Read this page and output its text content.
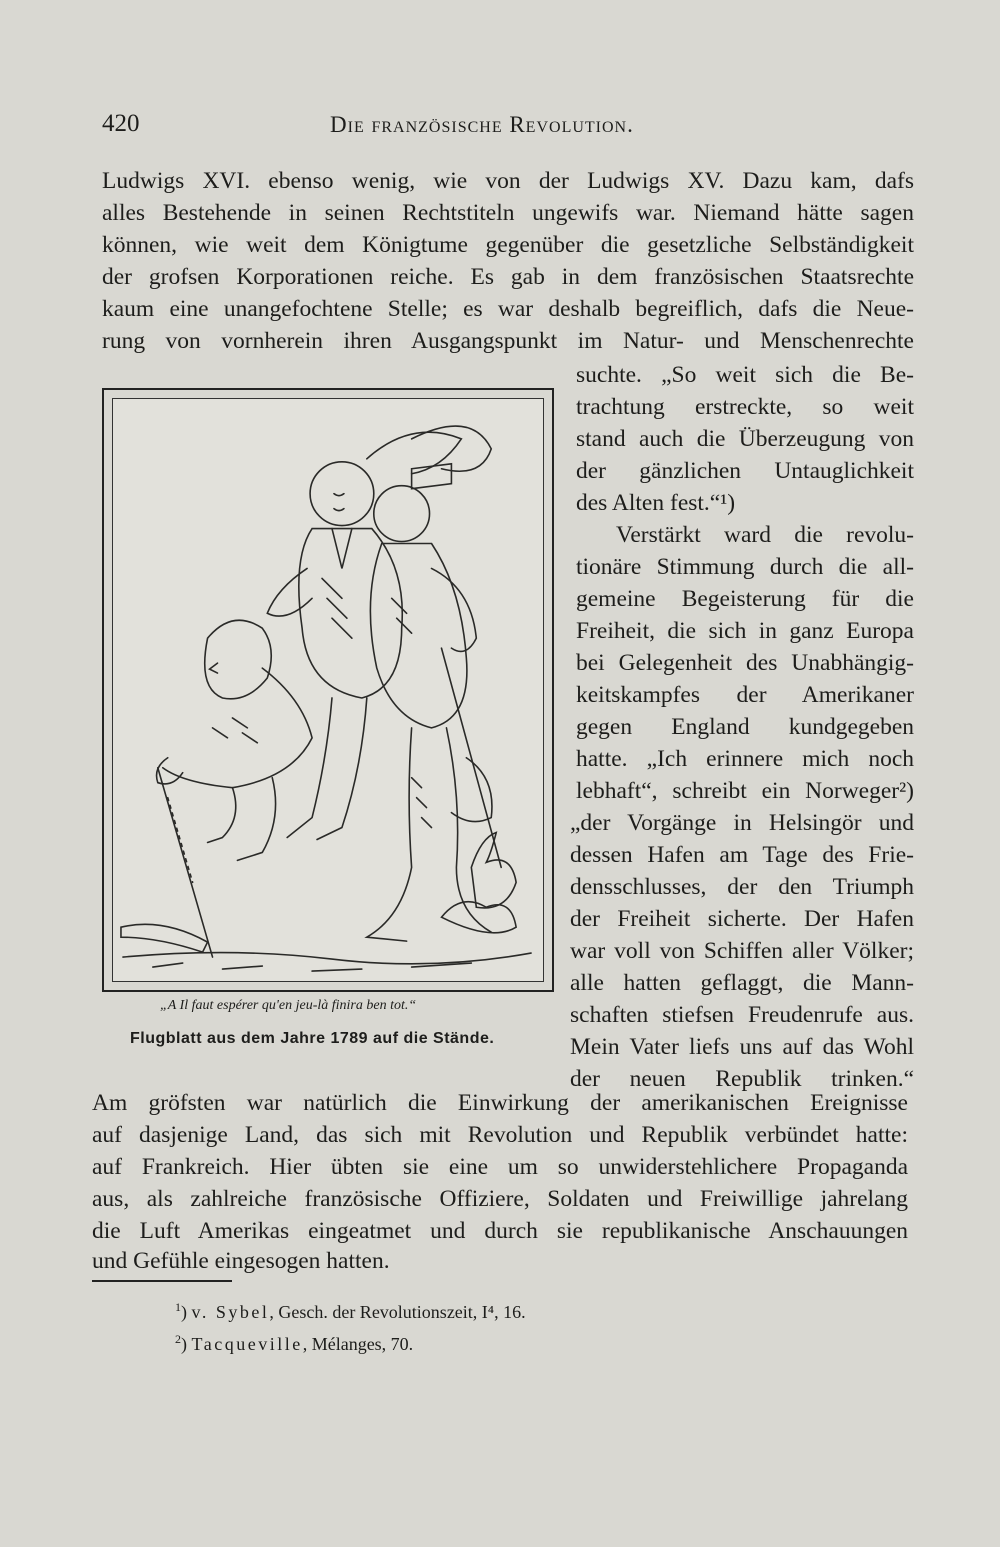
420	Die französische Revolution.
Ludwigs XVI. ebenso wenig, wie von der Ludwigs XV. Dazu kam, dafs
alles Bestehende in seinen Rechtstiteln ungewifs war. Niemand hätte sagen
können, wie weit dem Königtume gegenüber die gesetzliche Selbständigkeit
der grofsen Korporationen reiche. Es gab in dem französischen Staatsrechte
kaum eine unangefochtene Stelle; es war deshalb begreiflich, dafs die Neue-
rung von vornherein ihren Ausgangspunkt im Natur- und Menschenrechte
suchte. „So weit sich die Be-
trachtung erstreckte, so weit
stand auch die Überzeugung von
der gänzlichen Untauglichkeit
des Alten fest.“¹)
Verstärkt ward die revolu-
tionäre Stimmung durch die all-
gemeine Begeisterung für die
Freiheit, die sich in ganz Europa
bei Gelegenheit des Unabhängig-
keitskampfes der Amerikaner
gegen England kundgegeben
hatte. „Ich erinnere mich noch
lebhaft“, schreibt ein Norweger²)
„der Vorgänge in Helsingör und
dessen Hafen am Tage des Frie-
densschlusses, der den Triumph
der Freiheit sicherte. Der Hafen
war voll von Schiffen aller Völker;
alle hatten geflaggt, die Mann-
schaften stiefsen Freudenrufe aus.
Mein Vater liefs uns auf das Wohl
der neuen Republik trinken.“
„A Il faut espérer qu'en jeu-là finira ben tot.“
Flugblatt aus dem Jahre 1789 auf die Stände.
Am gröfsten war natürlich die Einwirkung der amerikanischen Ereignisse
auf dasjenige Land, das sich mit Revolution und Republik verbündet hatte:
auf Frankreich. Hier übten sie eine um so unwiderstehlichere Propaganda
aus, als zahlreiche französische Offiziere, Soldaten und Freiwillige jahrelang
die Luft Amerikas eingeatmet und durch sie republikanische Anschauungen
und Gefühle eingesogen hatten.
$^1$) v. Sybel, Gesch. der Revolutionszeit, I⁴, 16.
$^2$) Tacqueville, Mélanges, 70.
